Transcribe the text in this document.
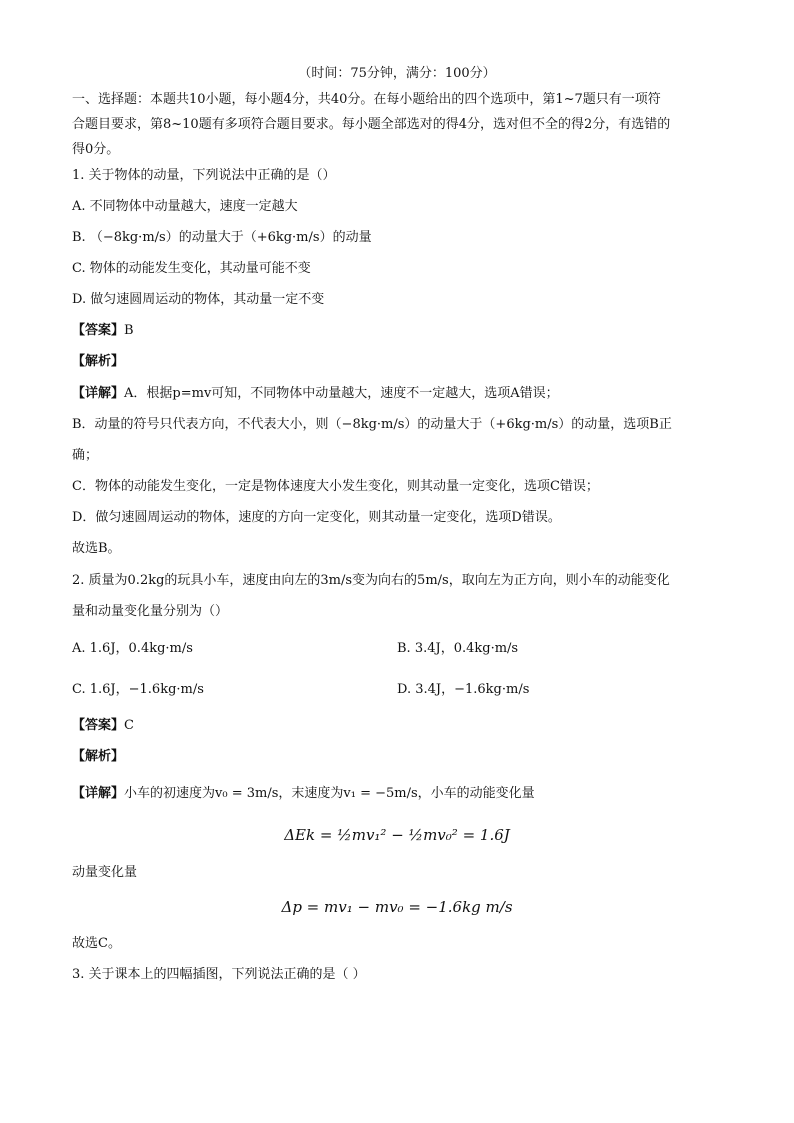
（时间：75分钟，满分：100分）
一、选择题：本题共10小题，每小题4分，共40分。在每小题给出的四个选项中，第1~7题只有一项符
合题目要求，第8~10题有多项符合题目要求。每小题全部选对的得4分，选对但不全的得2分，有选错的
得0分。
1. 关于物体的动量，下列说法中正确的是（）
A. 不同物体中动量越大，速度一定越大
B. （−8kg·m/s）的动量大于（+6kg·m/s）的动量
C. 物体的动能发生变化，其动量可能不变
D. 做匀速圆周运动的物体，其动量一定不变
【答案】B
【解析】
【详解】A．根据p=mv可知，不同物体中动量越大，速度不一定越大，选项A错误；
B．动量的符号只代表方向，不代表大小，则（−8kg·m/s）的动量大于（+6kg·m/s）的动量，选项B正
确；
C．物体的动能发生变化，一定是物体速度大小发生变化，则其动量一定变化，选项C错误；
D．做匀速圆周运动的物体，速度的方向一定变化，则其动量一定变化，选项D错误。
故选B。
2. 质量为0.2kg的玩具小车，速度由向左的3m/s变为向右的5m/s，取向左为正方向，则小车的动能变化
量和动量变化量分别为（）
A. 1.6J，0.4kg·m/s	B. 3.4J，0.4kg·m/s
C. 1.6J，−1.6kg·m/s	D. 3.4J，−1.6kg·m/s
【答案】C
【解析】
【详解】小车的初速度为v₀ = 3m/s，末速度为v₁ = −5m/s，小车的动能变化量
ΔEk = ½mv₁² − ½mv₀² = 1.6J
动量变化量
Δp = mv₁ − mv₀ = −1.6kg m/s
故选C。
3. 关于课本上的四幅插图，下列说法正确的是（ ）
